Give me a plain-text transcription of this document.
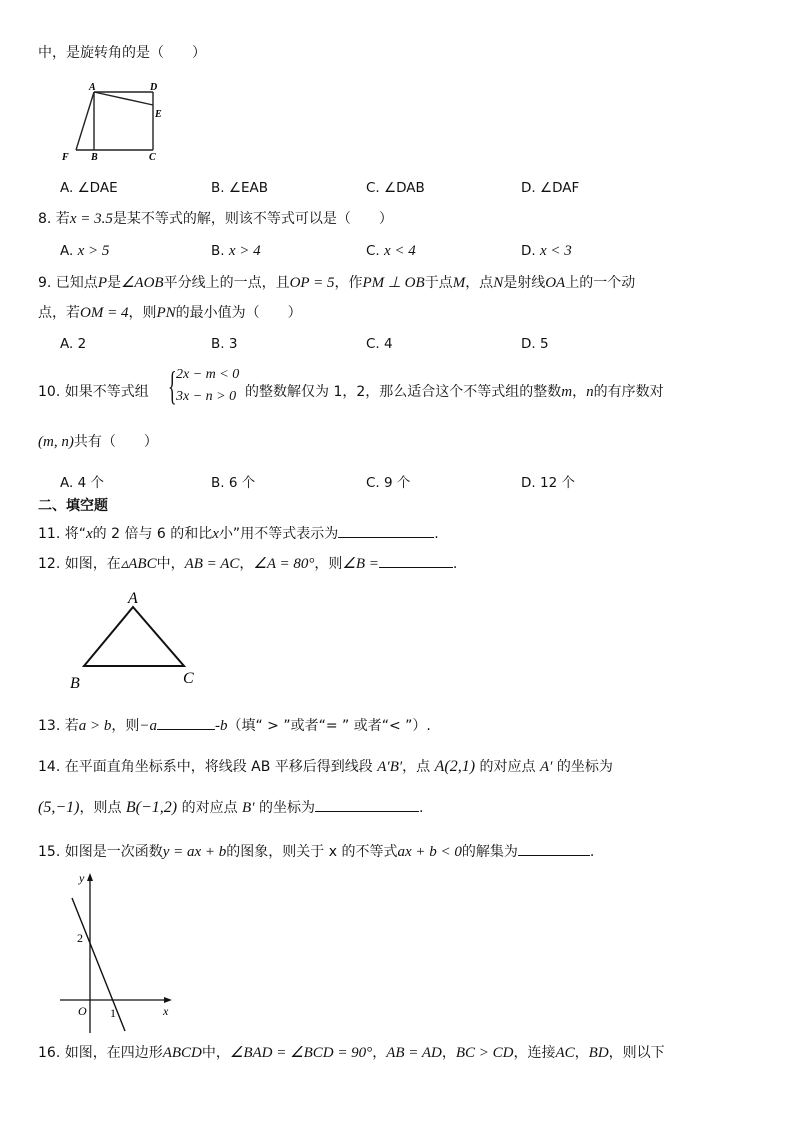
中，是旋转角的是（　　）
A	D
E
F B	C
A. ∠DAE	B. ∠EAB	C. ∠DAB	D. ∠DAF
8. 若x = 3.5是某不等式的解，则该不等式可以是（　　）
A. x > 5	B. x > 4	C. x < 4	D. x < 3
9. 已知点P是∠AOB平分线上的一点，且OP = 5，作PM ⊥ OB于点M，点N是射线OA上的一个动
点，若OM = 4，则PN的最小值为（　　）
A. 2	B. 3	C. 4	D. 5
10. 如果不等式组 { 2x − m < 0
3x − n > 0 的整数解仅为 1，2，那么适合这个不等式组的整数m，n的有序数对
(m, n)共有（　　）
A. 4 个	B. 6 个	C. 9 个	D. 12 个
二、填空题
11. 将“x的 2 倍与 6 的和比x小”用不等式表示为	.
12. 如图，在▵ABC中，AB = AC，∠A = 80°，则∠B =	.
A
B	C
13. 若a > b，则−a	-b（填“ > ”或者“= ” 或者“< ”）.
14. 在平面直角坐标系中，将线段 AB 平移后得到线段 A′B′，点 A(2,1) 的对应点 A′ 的坐标为
(5,−1)，则点 B(−1,2) 的对应点 B′ 的坐标为	.
15. 如图是一次函数y = ax + b的图象，则关于 x 的不等式ax + b < 0的解集为	.
y
x
O
2
1
16. 如图，在四边形ABCD中，∠BAD = ∠BCD = 90°，AB = AD，BC > CD，连接AC，BD，则以下
